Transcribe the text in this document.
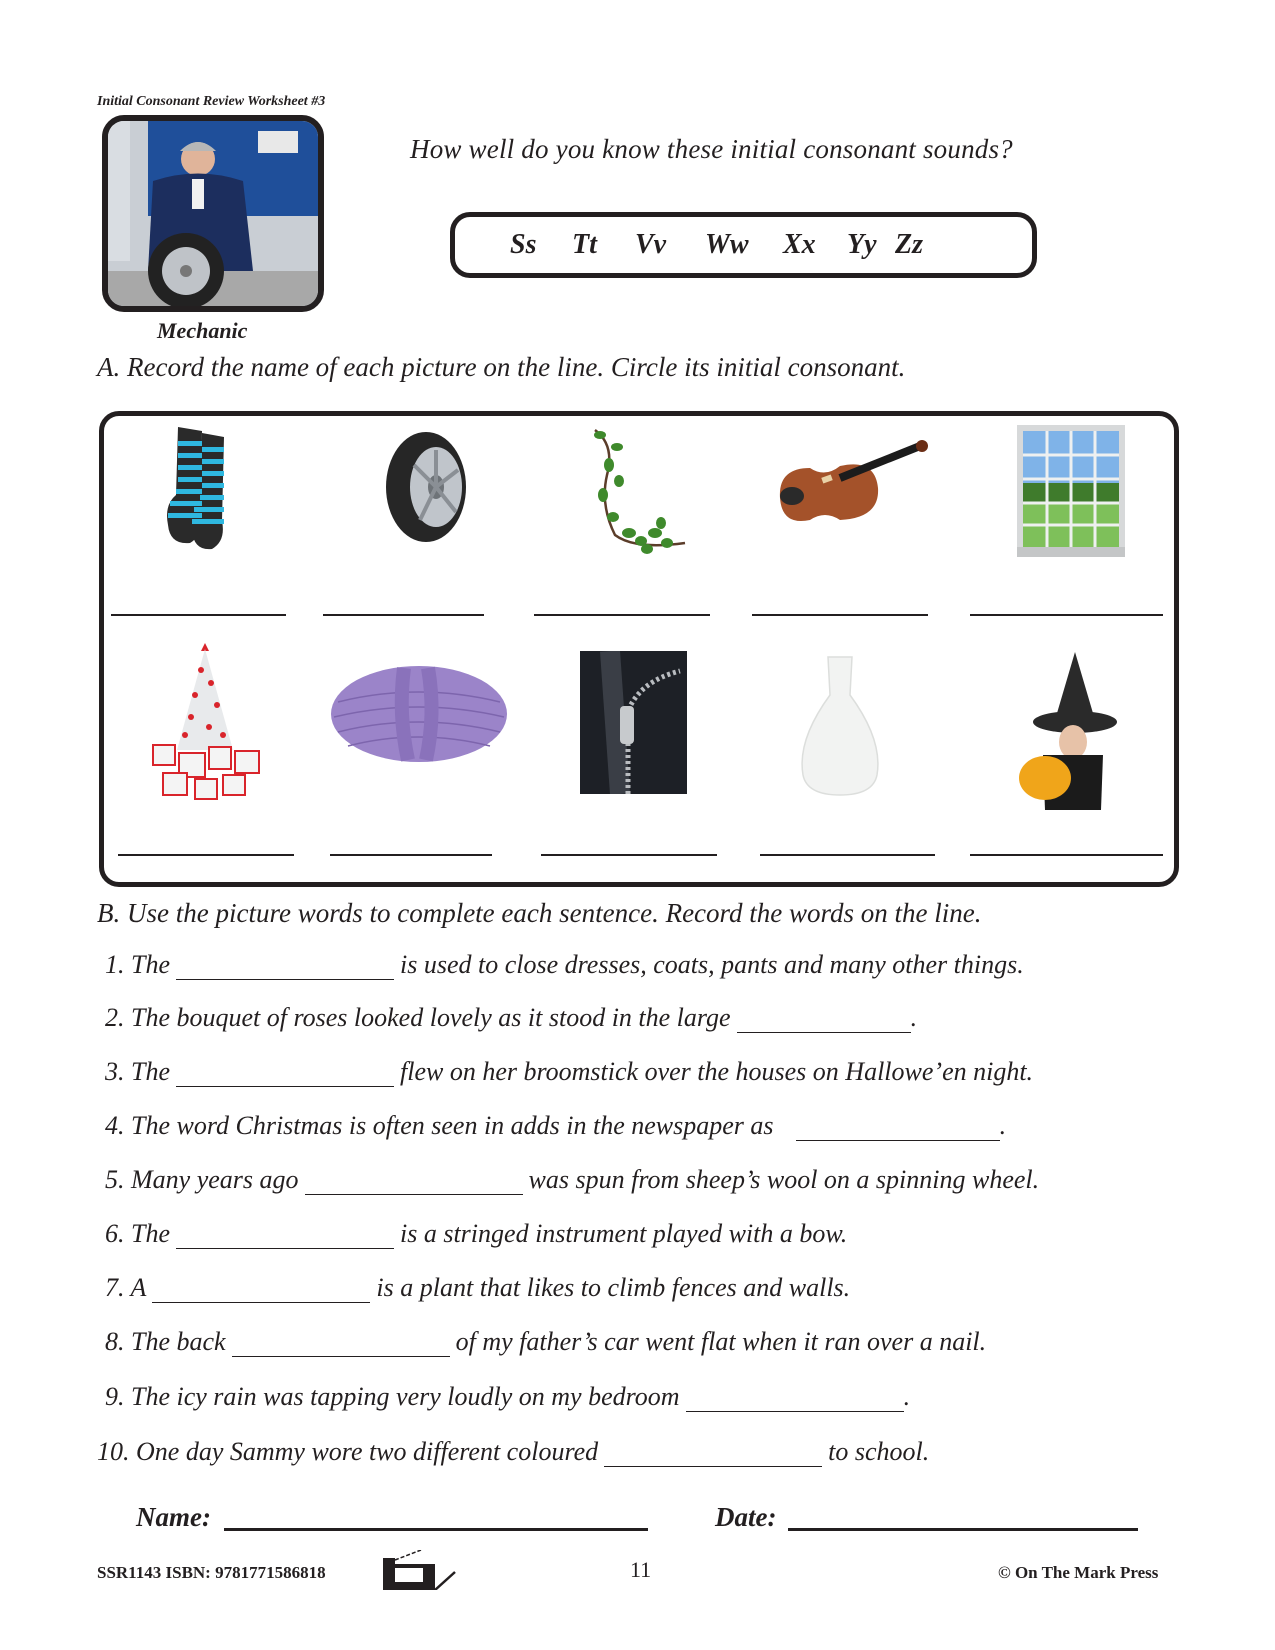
Initial Consonant Review Worksheet #3
Mechanic
How well do you know these initial consonant sounds?
Ss Tt Vv Ww Xx Yy Zz
A. Record the name of each picture on the line. Circle its initial consonant.
B. Use the picture words to complete each sentence. Record the words on the line.
1. The	is used to close dresses, coats, pants and many other things.
2. The bouquet of roses looked lovely as it stood in the large	.
3. The	flew on her broomstick over the houses on Hallowe’en night.
4. The word Christmas is often seen in adds in the newspaper as	.
5. Many years ago	was spun from sheep’s wool on a spinning wheel.
6. The	is a stringed instrument played with a bow.
7. A	is a plant that likes to climb fences and walls.
8. The back	of my father’s car went flat when it ran over a nail.
9. The icy rain was tapping very loudly on my bedroom	.
10. One day Sammy wore two different coloured	to school.
Name:	Date:
SSR1143 ISBN: 9781771586818	11	© On The Mark Press
